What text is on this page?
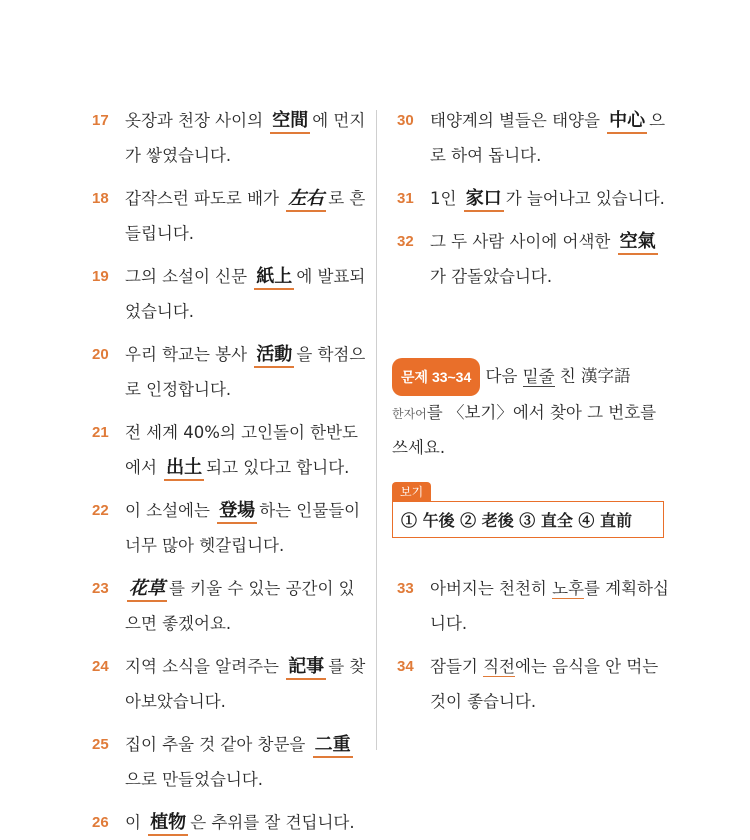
17 옷장과 천장 사이의 空間 에 먼지가 쌓였습니다.
18 갑작스런 파도로 배가 左右 로 흔들립니다.
19 그의 소설이 신문 紙上 에 발표되었습니다.
20 우리 학교는 봉사 活動 을 학점으로 인정합니다.
21 전 세계 40%의 고인돌이 한반도에서 出土 되고 있다고 합니다.
22 이 소설에는 登場 하는 인물들이 너무 많아 헷갈립니다.
23	花草 를 키울 수 있는 공간이 있으면 좋겠어요.
24 지역 소식을 알려주는 記事 를 찾아보았습니다.
25 집이 추울 것 같아 창문을 二重으로 만들었습니다.
26 이 植物 은 추위를 잘 견딥니다.
30 태양계의 별들은 태양을 中心 으로 하여 돕니다.
31 1인 家口 가 늘어나고 있습니다.
32 그 두 사람 사이에 어색한 空氣가 감돌았습니다.
문제 33~34 다음 밑줄 친 漢字語
한자어를 〈보기〉에서 찾아 그 번호를 쓰세요.
보기
① 午後 ② 老後 ③ 直全 ④ 直前
33 아버지는 천천히 노후를 계획하십니다.
34 잠들기 직전에는 음식을 안 먹는 것이 좋습니다.
